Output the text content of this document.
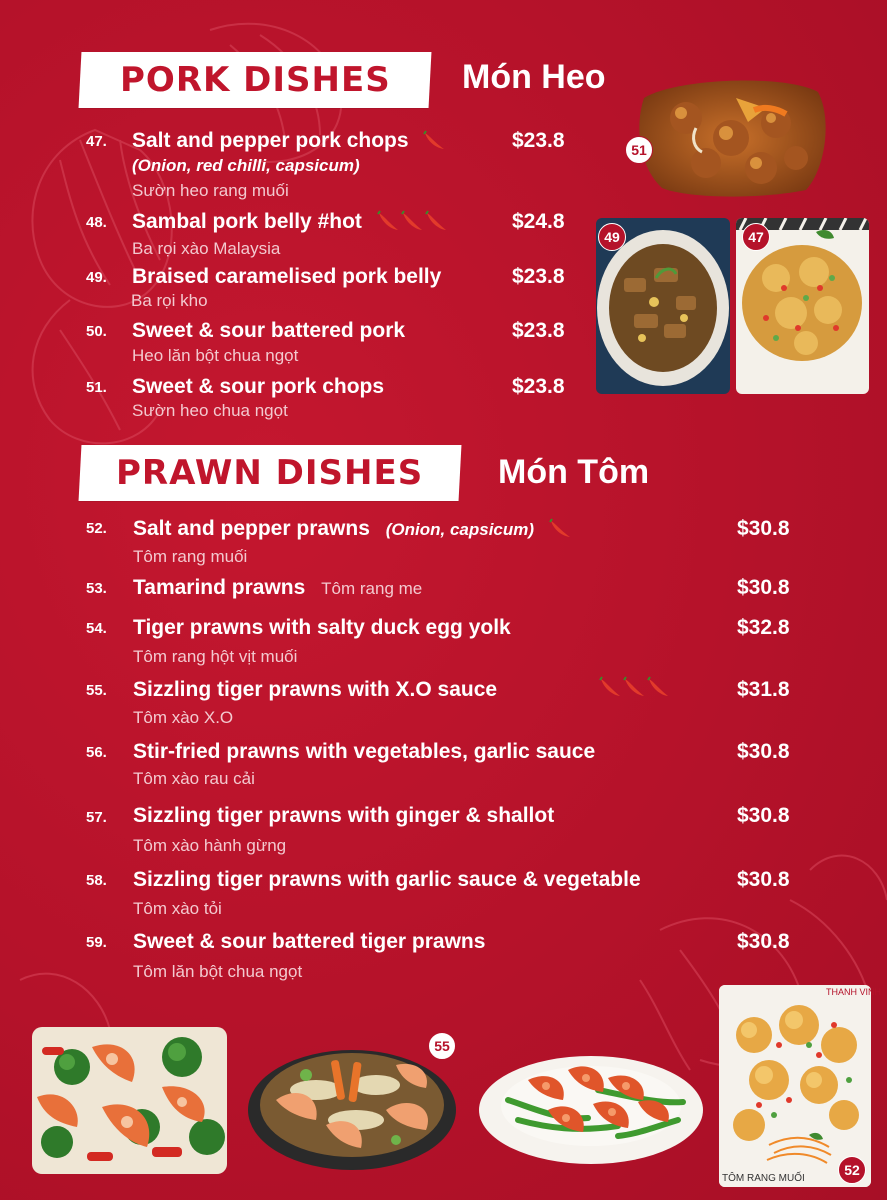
PORK DISHES Món Heo
47. Salt and pepper pork chops
(Onion, red chilli, capsicum)
Sườn heo rang muối
$23.8
48. Sambal pork belly #hot
Ba rọi xào Malaysia
$24.8
49. Braised caramelised pork belly
Ba rọi kho
$23.8
50. Sweet & sour battered pork
Heo lăn bột chua ngọt
$23.8
51. Sweet & sour pork chops
Sườn heo chua ngọt
$23.8
51
49	47
PRAWN DISHES Món Tôm
52. Salt and pepper prawns (Onion, capsicum)
Tôm rang muối
$30.8
53. Tamarind prawns Tôm rang me	$30.8
54. Tiger prawns with salty duck egg yolk
Tôm rang hột vịt muối
$32.8
55. Sizzling tiger prawns with X.O sauce
Tôm xào X.O
$31.8
56. Stir-fried prawns with vegetables, garlic sauce
Tôm xào rau cải
$30.8
57. Sizzling tiger prawns with ginger & shallot
Tôm xào hành gừng
$30.8
58. Sizzling tiger prawns with garlic sauce & vegetable
Tôm xào tỏi
$30.8
59. Sweet & sour battered tiger prawns
Tôm lăn bột chua ngọt
$30.8
55
THANH VINH
TÔM RANG MUỐI
52
